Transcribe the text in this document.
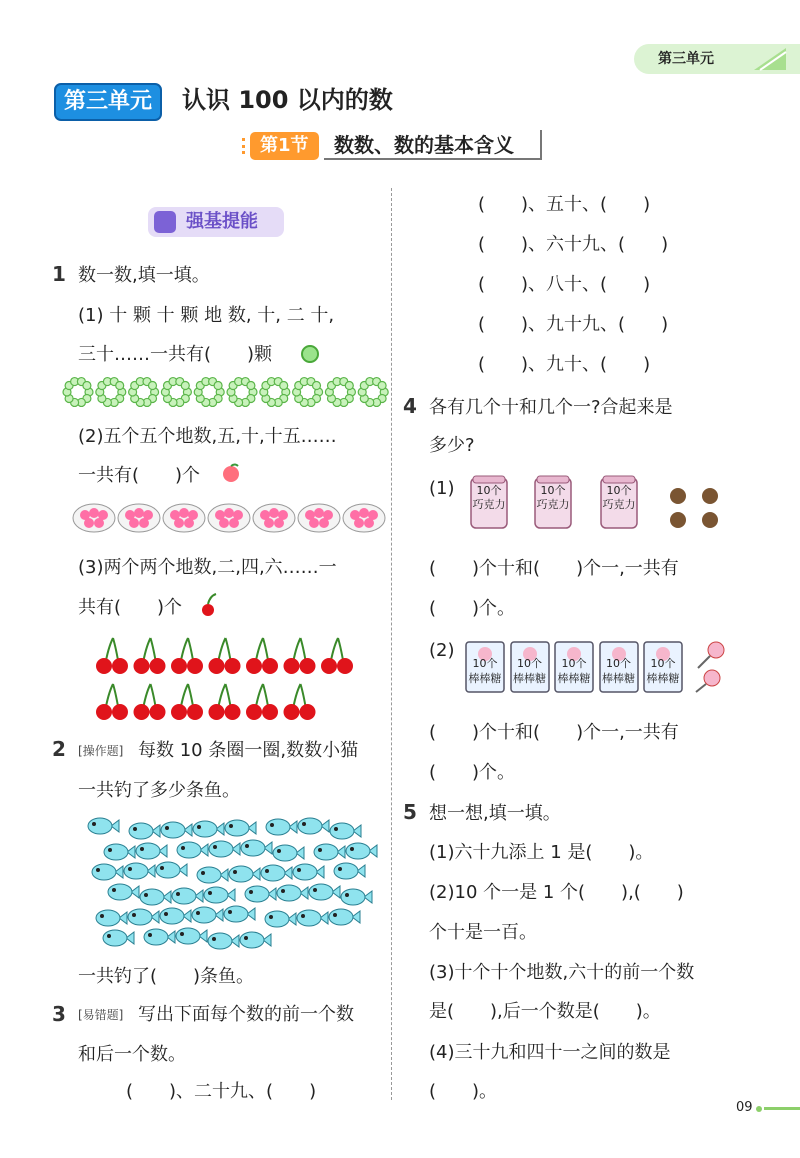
第三单元
第三单元	认识 100 以内的数
第1节	数数、数的基本含义
强基提能
1 数一数,填一填。
(1) 十 颗 十 颗 地 数, 十, 二 十,
三十……一共有(　　)颗
(2)五个五个地数,五,十,十五……
一共有(　　)个
(3)两个两个地数,二,四,六……一
共有(　　)个
2 [操作题] 每数 10 条圈一圈,数数小猫
一共钓了多少条鱼。
一共钓了(　　)条鱼。
3 [易错题] 写出下面每个数的前一个数
和后一个数。
(　　)、二十九、(　　)
(　　)、五十、(　　)
(　　)、六十九、(　　)
(　　)、八十、(　　)
(　　)、九十九、(　　)
(　　)、九十、(　　)
4 各有几个十和几个一?合起来是
多少?
(1)	10个
巧克力
10个
巧克力
10个
巧克力
(　　)个十和(　　)个一,一共有
(　　)个。
(2)
10个
棒棒糖
10个
棒棒糖
10个
棒棒糖
10个
棒棒糖
10个
棒棒糖
(　　)个十和(　　)个一,一共有
(　　)个。
5 想一想,填一填。
(1)六十九添上 1 是(　　)。
(2)10 个一是 1 个(　　),(　　)
个十是一百。
(3)十个十个地数,六十的前一个数
是(　　),后一个数是(　　)。
(4)三十九和四十一之间的数是
(　　)。
09
